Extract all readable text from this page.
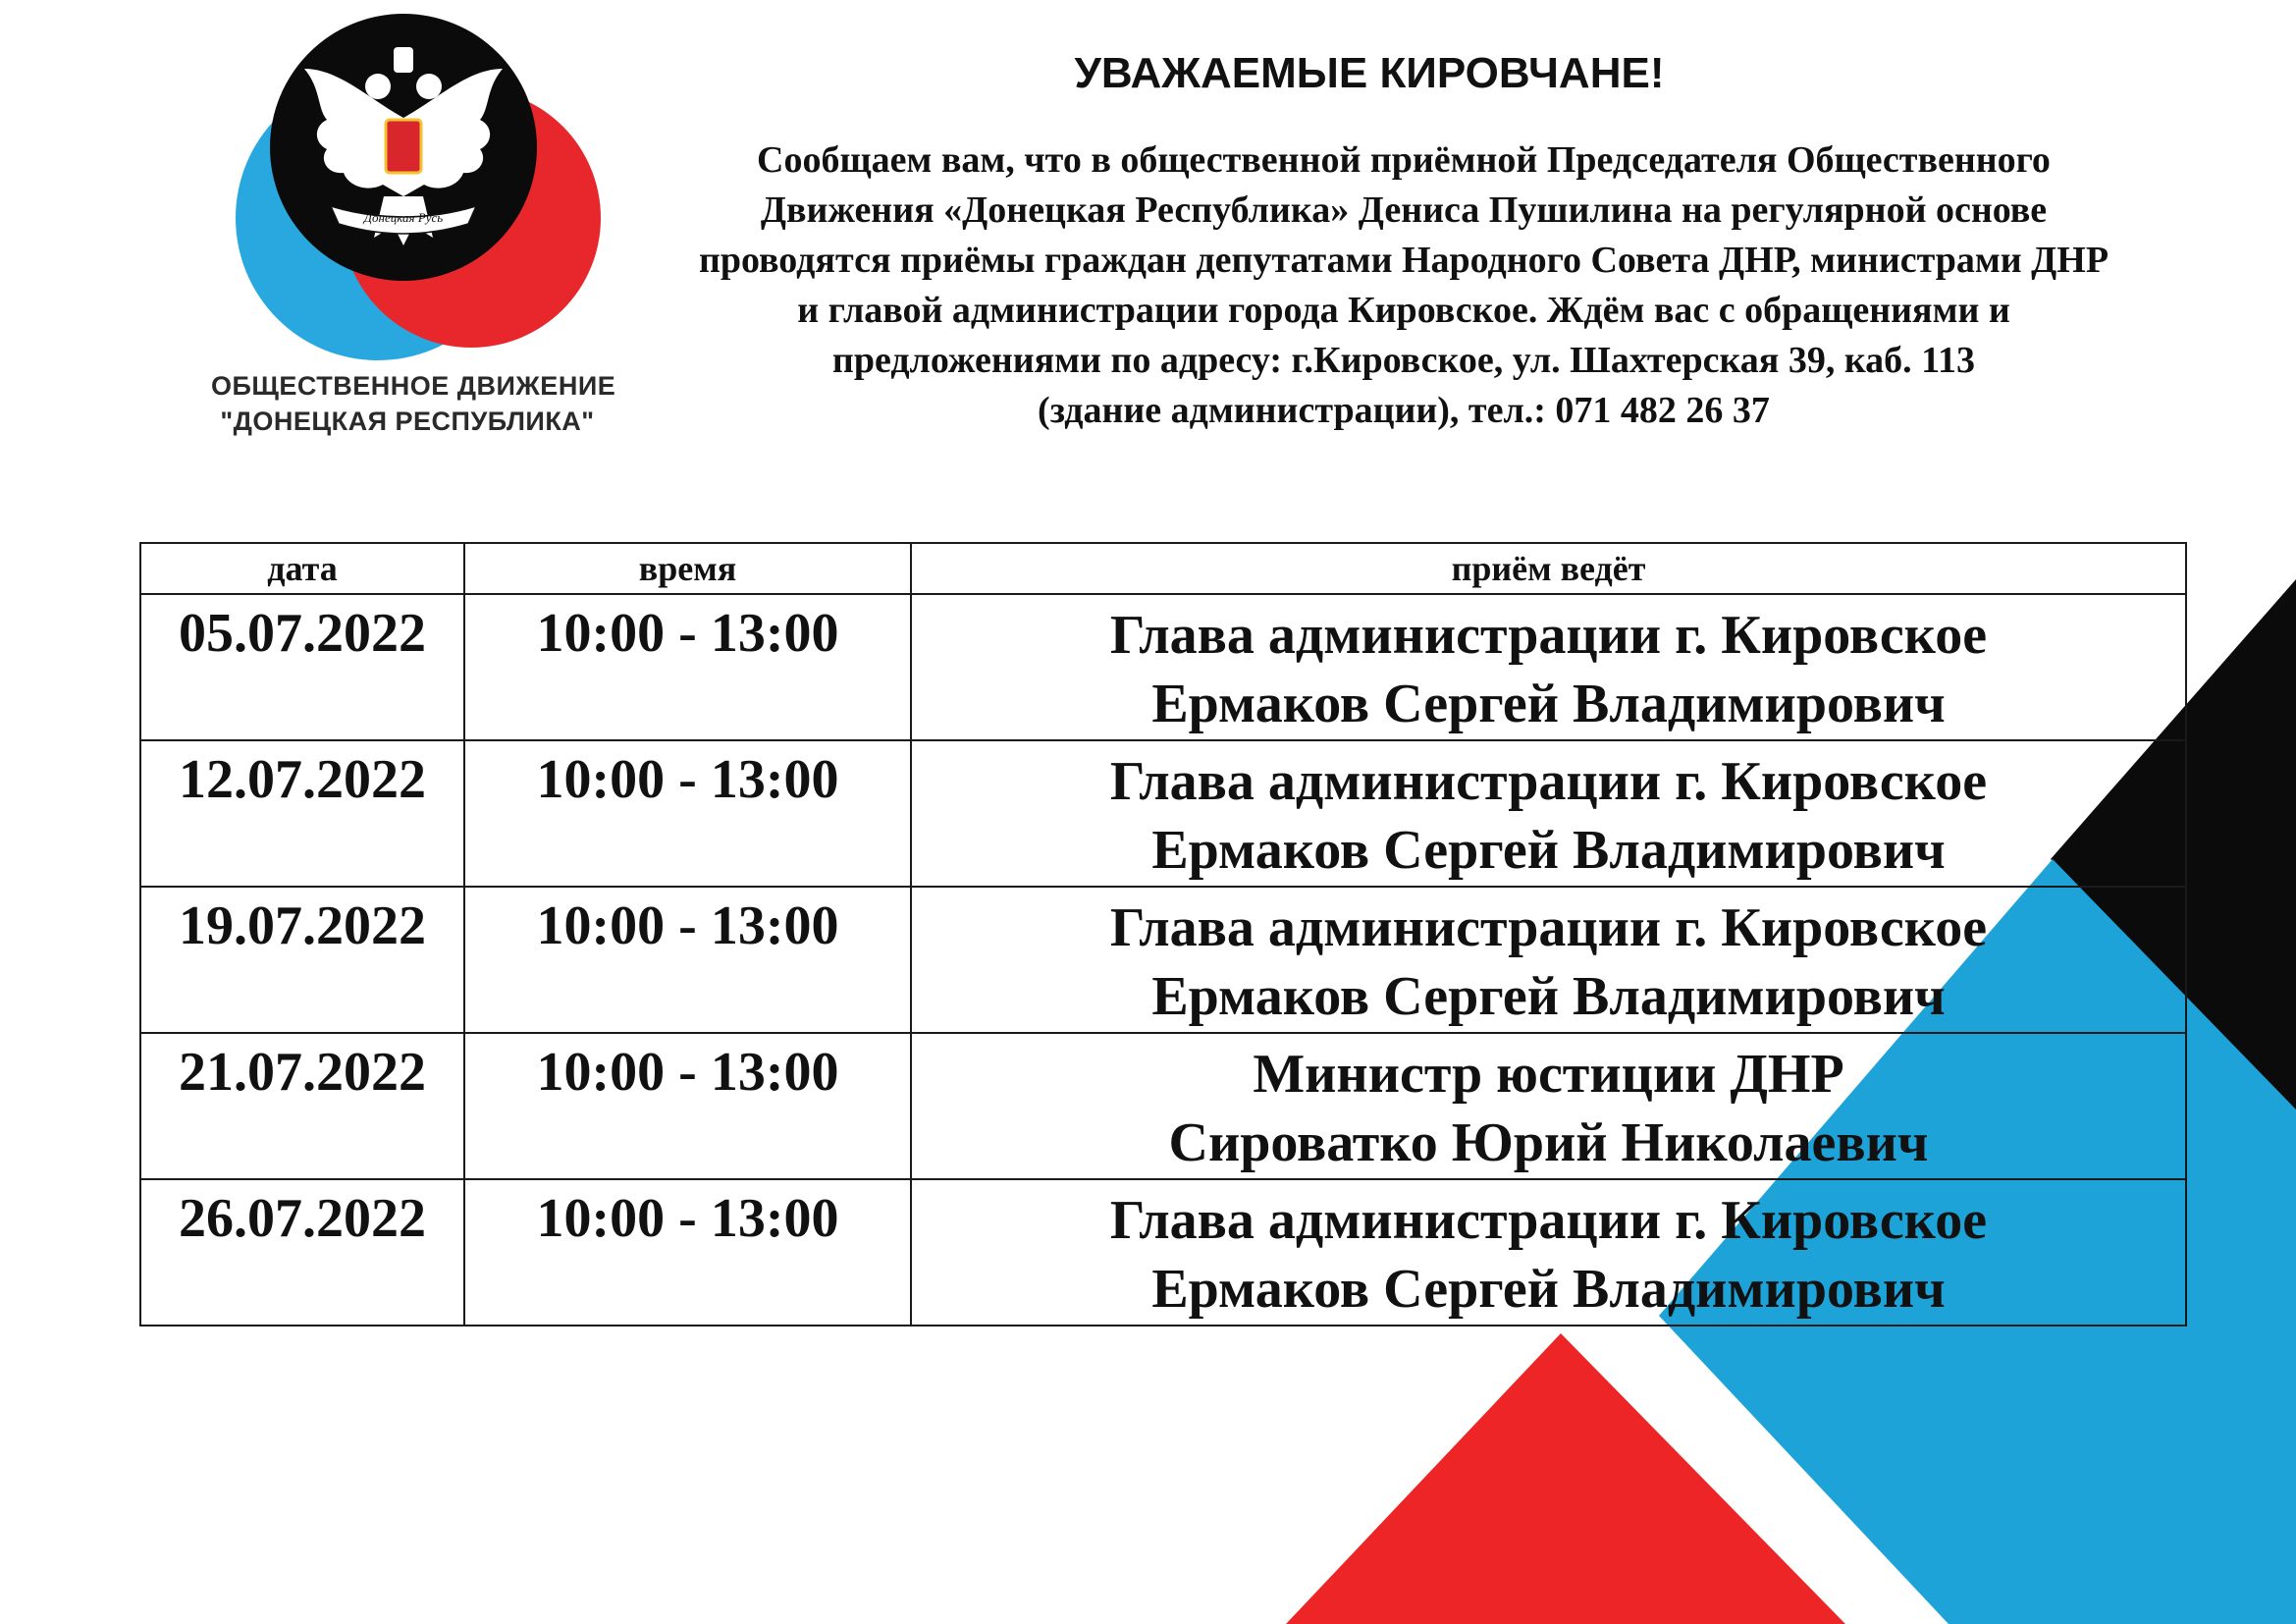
Донецкая Русь
ОБЩЕСТВЕННОЕ ДВИЖЕНИЕ
"ДОНЕЦКАЯ РЕСПУБЛИКА"
УВАЖАЕМЫЕ КИРОВЧАНЕ!
Сообщаем вам, что в общественной приёмной Председателя Общественного
Движения «Донецкая Республика» Дениса Пушилина на регулярной основе
проводятся приёмы граждан депутатами Народного Совета ДНР, министрами ДНР
и главой администрации города Кировское. Ждём вас с обращениями и
предложениями по адресу: г.Кировское, ул. Шахтерская 39, каб. 113
(здание администрации), тел.: 071 482 26 37
дата	время	приём ведёт
05.07.2022	10:00 - 13:00	Глава администрации г. Кировское
Ермаков Сергей Владимирович

12.07.2022	10:00 - 13:00	Глава администрации г. Кировское
Ермаков Сергей Владимирович

19.07.2022	10:00 - 13:00	Глава администрации г. Кировское
Ермаков Сергей Владимирович

21.07.2022	10:00 - 13:00	Министр юстиции ДНР
Сироватко Юрий Николаевич

26.07.2022	10:00 - 13:00	Глава администрации г. Кировское
Ермаков Сергей Владимирович
